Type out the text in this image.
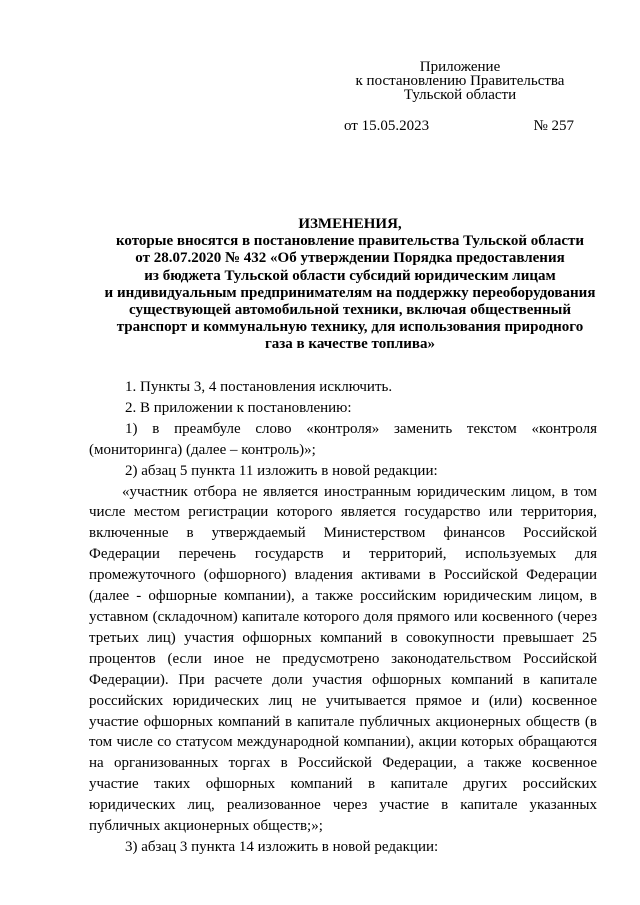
Приложение
к постановлению Правительства
Тульской области
от 15.05.2023	№ 257
ИЗМЕНЕНИЯ,
которые вносятся в постановление правительства Тульской области
от 28.07.2020 № 432 «Об утверждении Порядка предоставления
из бюджета Тульской области субсидий юридическим лицам
и индивидуальным предпринимателям на поддержку переоборудования
существующей автомобильной техники, включая общественный
транспорт и коммунальную технику, для использования природного
газа в качестве топлива»

1. Пункты 3, 4 постановления исключить.

2. В приложении к постановлению:

1) в преамбуле слово «контроля» заменить текстом «контроля (мониторинга) (далее – контроль)»;

2) абзац 5 пункта 11 изложить в новой редакции:

«участник отбора не является иностранным юридическим лицом, в том числе местом регистрации которого является государство или территория, включенные в утверждаемый Министерством финансов Российской Федерации перечень государств и территорий, используемых для промежуточного (офшорного) владения активами в Российской Федерации (далее - офшорные компании), а также российским юридическим лицом, в уставном (складочном) капитале которого доля прямого или косвенного (через третьих лиц) участия офшорных компаний в совокупности превышает 25 процентов (если иное не предусмотрено законодательством Российской Федерации). При расчете доли участия офшорных компаний в капитале российских юридических лиц не учитывается прямое и (или) косвенное участие офшорных компаний в капитале публичных акционерных обществ (в том числе со статусом международной компании), акции которых обращаются на организованных торгах в Российской Федерации, а также косвенное участие таких офшорных компаний в капитале других российских юридических лиц, реализованное через участие в капитале указанных публичных акционерных обществ;»;

3) абзац 3 пункта 14 изложить в новой редакции:
